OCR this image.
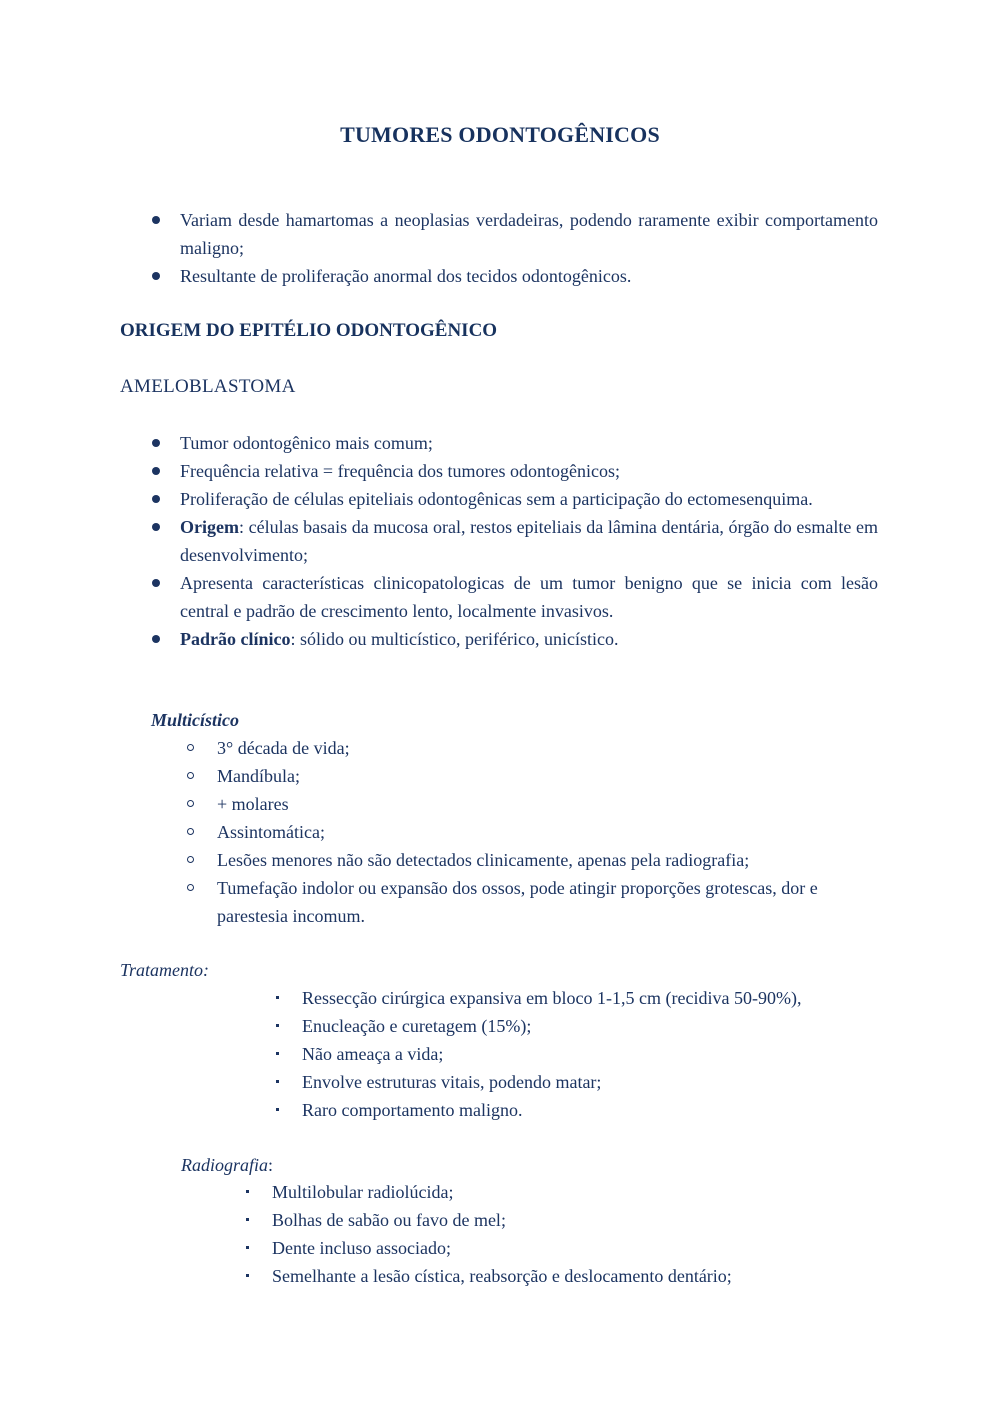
TUMORES ODONTOGÊNICOS
Variam desde hamartomas a neoplasias verdadeiras, podendo raramente exibir comportamento maligno;
Resultante de proliferação anormal dos tecidos odontogênicos.
ORIGEM DO EPITÉLIO ODONTOGÊNICO
AMELOBLASTOMA
Tumor odontogênico mais comum;
Frequência relativa = frequência dos tumores odontogênicos;
Proliferação de células epiteliais odontogênicas sem a participação do ectomesenquima.
Origem: células basais da mucosa oral, restos epiteliais da lâmina dentária, órgão do esmalte em desenvolvimento;
Apresenta características clinicopatologicas de um tumor benigno que se inicia com lesão central e padrão de crescimento lento, localmente invasivos.
Padrão clínico: sólido ou multicístico, periférico, unicístico.
Multicístico
3° década de vida;
Mandíbula;
+ molares
Assintomática;
Lesões menores não são detectados clinicamente, apenas pela radiografia;
Tumefação indolor ou expansão dos ossos, pode atingir proporções grotescas, dor e parestesia incomum.
Tratamento:
Ressecção cirúrgica expansiva em bloco 1-1,5 cm (recidiva 50-90%),
Enucleação e curetagem (15%);
Não ameaça a vida;
Envolve estruturas vitais, podendo matar;
Raro comportamento maligno.
Radiografia:
Multilobular radiolúcida;
Bolhas de sabão ou favo de mel;
Dente incluso associado;
Semelhante a lesão cística, reabsorção e deslocamento dentário;
